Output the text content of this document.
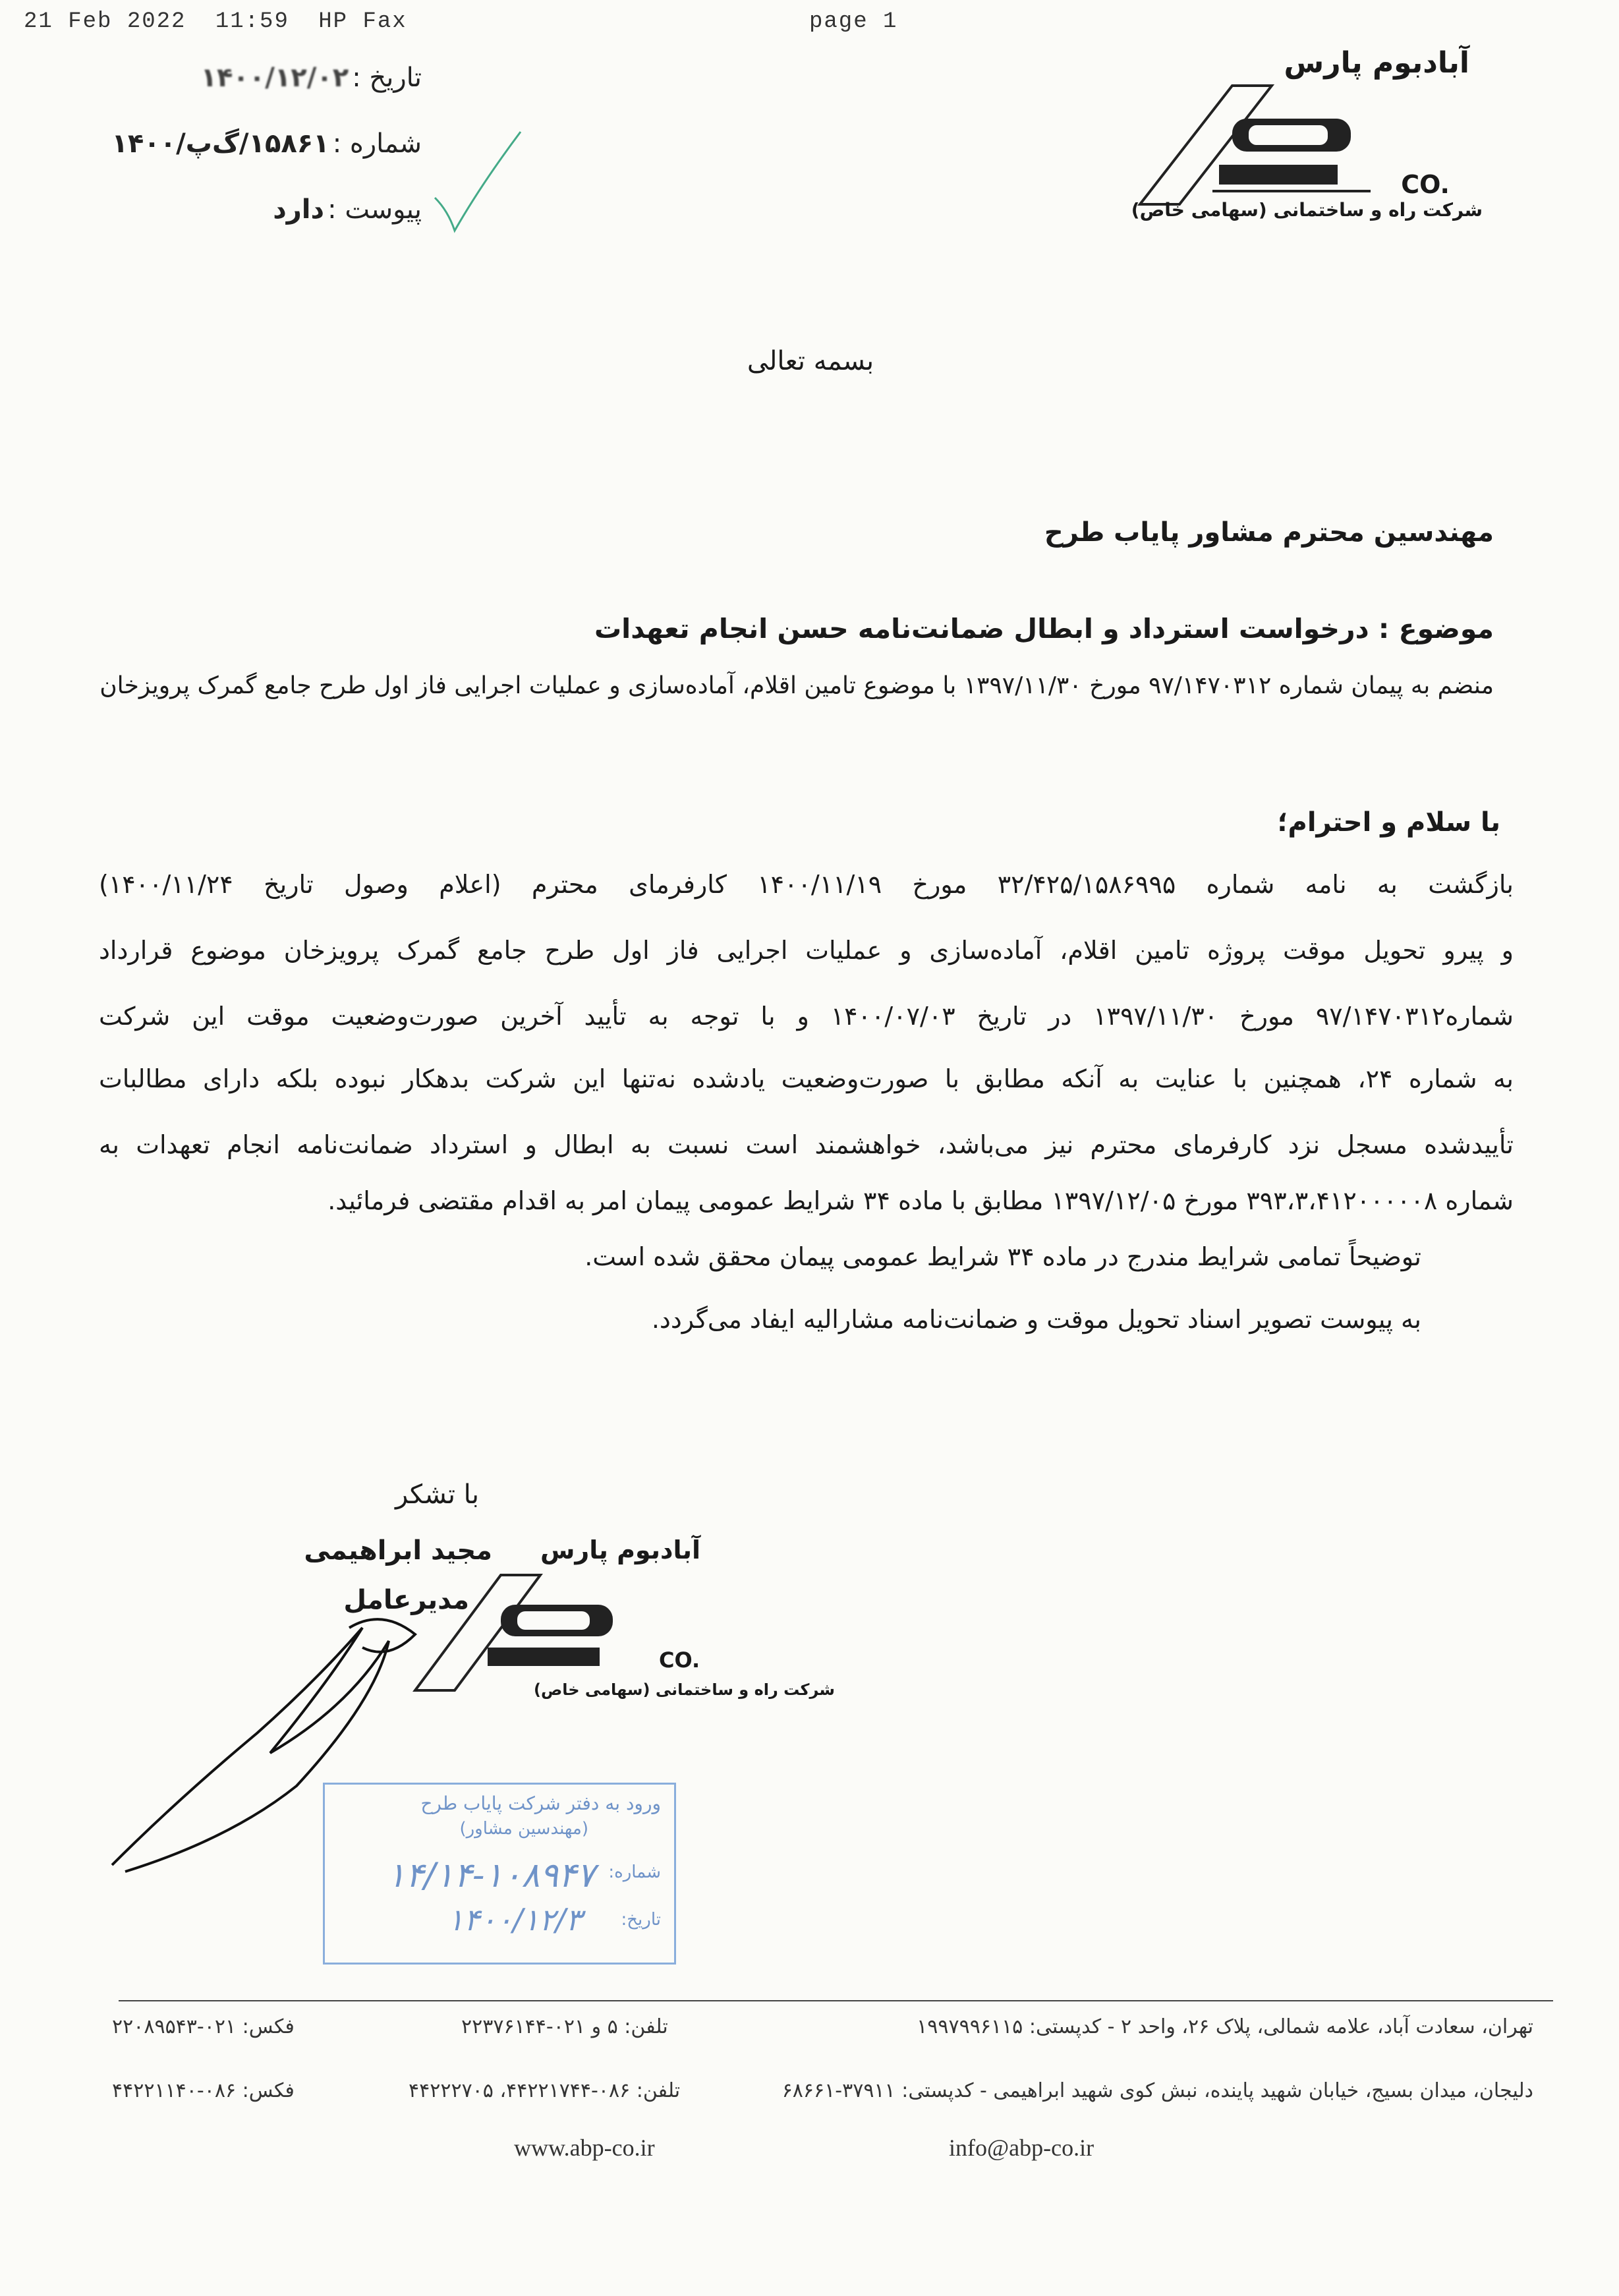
21 Feb 2022 11:59 HP Fax	page 1
تاریخ : ۱۴۰۰/۱۲/۰۲
شماره : ۱۵۸۶۱/گ‌پ/۱۴۰۰
پیوست : دارد
آبادبوم پارس
CO.
شرکت راه و ساختمانی (سهامی خاص)
بسمه تعالی
مهندسین محترم مشاور پایاب طرح
موضوع : درخواست استرداد و ابطال ضمانت‌نامه حسن انجام تعهدات
منضم به پیمان شماره ۹۷/۱۴۷۰۳۱۲ مورخ ۱۳۹۷/۱۱/۳۰ با موضوع تامین اقلام، آماده‌سازی و عملیات اجرایی فاز اول طرح جامع گمرک پرویزخان
با سلام و احترام؛
بازگشت به نامه شماره ۳۲/۴۲۵/۱۵۸۶۹۹۵ مورخ ۱۴۰۰/۱۱/۱۹ کارفرمای محترم (اعلام وصول تاریخ ۱۴۰۰/۱۱/۲۴)
و پیرو تحویل موقت پروژه تامین اقلام، آماده‌سازی و عملیات اجرایی فاز اول طرح جامع گمرک پرویزخان موضوع قرارداد
شماره۹۷/۱۴۷۰۳۱۲ مورخ ۱۳۹۷/۱۱/۳۰ در تاریخ ۱۴۰۰/۰۷/۰۳ و با توجه به تأیید آخرین صورت‌وضعیت موقت این شرکت
به شماره ۲۴، همچنین با عنایت به آنکه مطابق با صورت‌وضعیت یادشده نه‌تنها این شرکت بدهکار نبوده بلکه دارای مطالبات
تأییدشده مسجل نزد کارفرمای محترم نیز می‌باشد، خواهشمند است نسبت به ابطال و استرداد ضمانت‌نامه انجام تعهدات به
شماره ۳۹۳،۳،۴۱۲۰۰۰۰۰۸ مورخ ۱۳۹۷/۱۲/۰۵ مطابق با ماده ۳۴ شرایط عمومی پیمان امر به اقدام مقتضی فرمائید.
توضیحاً تمامی شرایط مندرج در ماده ۳۴ شرایط عمومی پیمان محقق شده است.
به پیوست تصویر اسناد تحویل موقت و ضمانت‌نامه مشارالیه ایفاد می‌گردد.
با تشکر
مجید ابراهیمی
مدیرعامل
آبادبوم پارس
CO.
شرکت راه و ساختمانی (سهامی خاص)
ورود به دفتر شرکت پایاب طرح
(مهندسین مشاور)
شماره:
۱۴/۱۴-۱۰۸۹۴۷
تاریخ:
۱۴۰۰/۱۲/۳
تهران، سعادت آباد، علامه شمالی، پلاک ۲۶، واحد ۲ - کدپستی: ۱۹۹۷۹۹۶۱۱۵
تلفن: ۵ و ۰۲۱-۲۲۳۷۶۱۴۴
فکس: ۰۲۱-۲۲۰۸۹۵۴۳
دلیجان، میدان بسیج، خیابان شهید پاینده، نبش کوی شهید ابراهیمی - کدپستی: ۳۷۹۱۱-۶۸۶۶۱
تلفن: ۰۸۶-۴۴۲۲۱۷۴۴، ۴۴۲۲۲۷۰۵
فکس: ۰۸۶-۴۴۲۲۱۱۴۰
www.abp-co.ir	info@abp-co.ir
